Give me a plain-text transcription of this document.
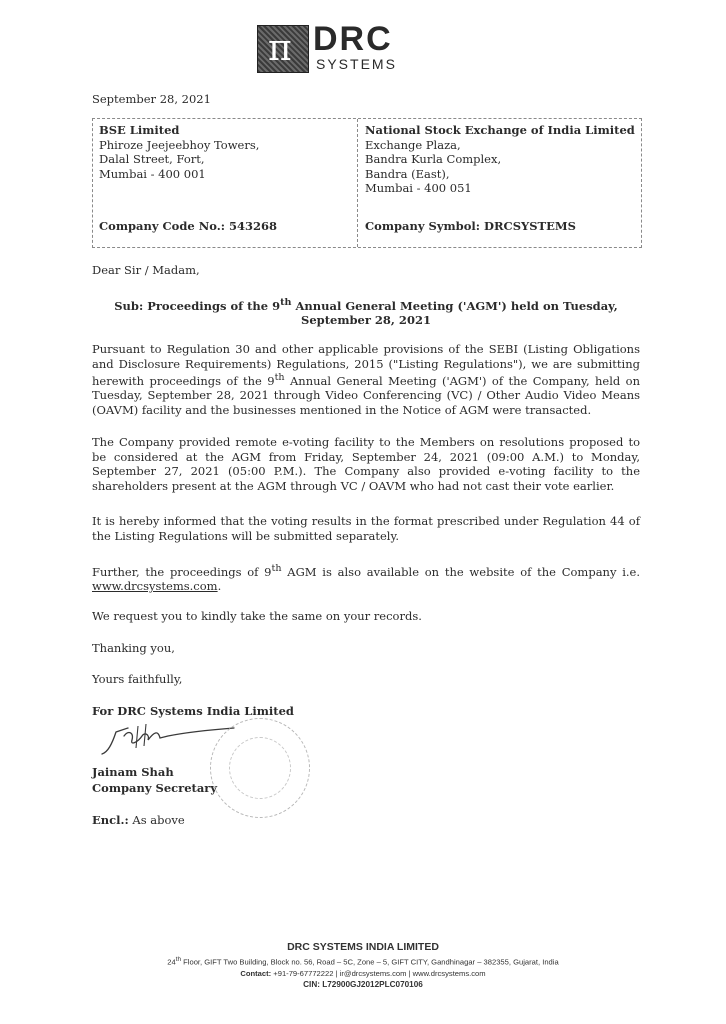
π DRC
SYSTEMS
September 28, 2021
BSE Limited
Phiroze Jeejeebhoy Towers,
Dalal Street, Fort,
Mumbai - 400 001
National Stock Exchange of India Limited
Exchange Plaza,
Bandra Kurla Complex,
Bandra (East),
Mumbai - 400 051
Company Code No.: 543268	Company Symbol: DRCSYSTEMS
Dear Sir / Madam,
Sub: Proceedings of the 9th Annual General Meeting ('AGM') held on Tuesday, September 28, 2021
Pursuant to Regulation 30 and other applicable provisions of the SEBI (Listing Obligations and Disclosure Requirements) Regulations, 2015 ("Listing Regulations"), we are submitting herewith proceedings of the 9th Annual General Meeting ('AGM') of the Company, held on Tuesday, September 28, 2021 through Video Conferencing (VC) / Other Audio Video Means (OAVM) facility and the businesses mentioned in the Notice of AGM were transacted.
The Company provided remote e-voting facility to the Members on resolutions proposed to be considered at the AGM from Friday, September 24, 2021 (09:00 A.M.) to Monday, September 27, 2021 (05:00 P.M.). The Company also provided e-voting facility to the shareholders present at the AGM through VC / OAVM who had not cast their vote earlier.
It is hereby informed that the voting results in the format prescribed under Regulation 44 of the Listing Regulations will be submitted separately.
Further, the proceedings of 9th AGM is also available on the website of the Company i.e. www.drcsystems.com.
We request you to kindly take the same on your records.
Thanking you,
Yours faithfully,
For DRC Systems India Limited
Jainam Shah
Company Secretary
Encl.: As above
DRC SYSTEMS INDIA LIMITED
24th Floor, GIFT Two Building, Block no. 56, Road – 5C, Zone – 5, GIFT CITY, Gandhinagar – 382355, Gujarat, India
Contact: +91-79-67772222 | ir@drcsystems.com | www.drcsystems.com
CIN: L72900GJ2012PLC070106
